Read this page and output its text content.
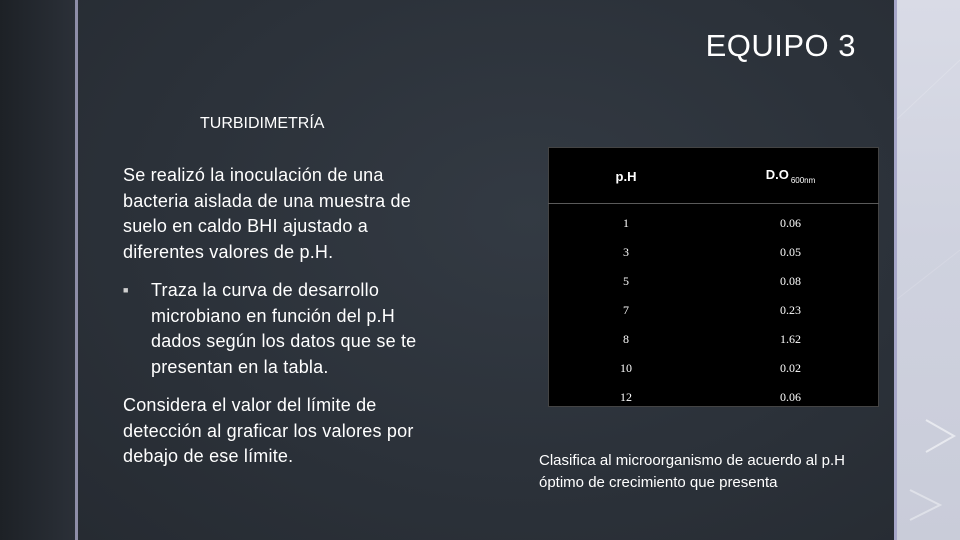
EQUIPO 3
TURBIDIMETRÍA

Se realizó la inoculación de una bacteria aislada de una muestra de suelo en caldo BHI ajustado a diferentes valores de p.H.

■	Traza la curva de desarrollo microbiano en función del p.H dados según los datos que se te presentan en la tabla.

Considera el valor del límite de detección al graficar los valores por debajo de ese límite.

p.H	D.O $_{600nm}$
1	0.06
3	0.05
5	0.08
7	0.23
8	1.62
10	0.02
12	0.06
Clasifica al microorganismo de acuerdo al p.H óptimo de crecimiento que presenta
